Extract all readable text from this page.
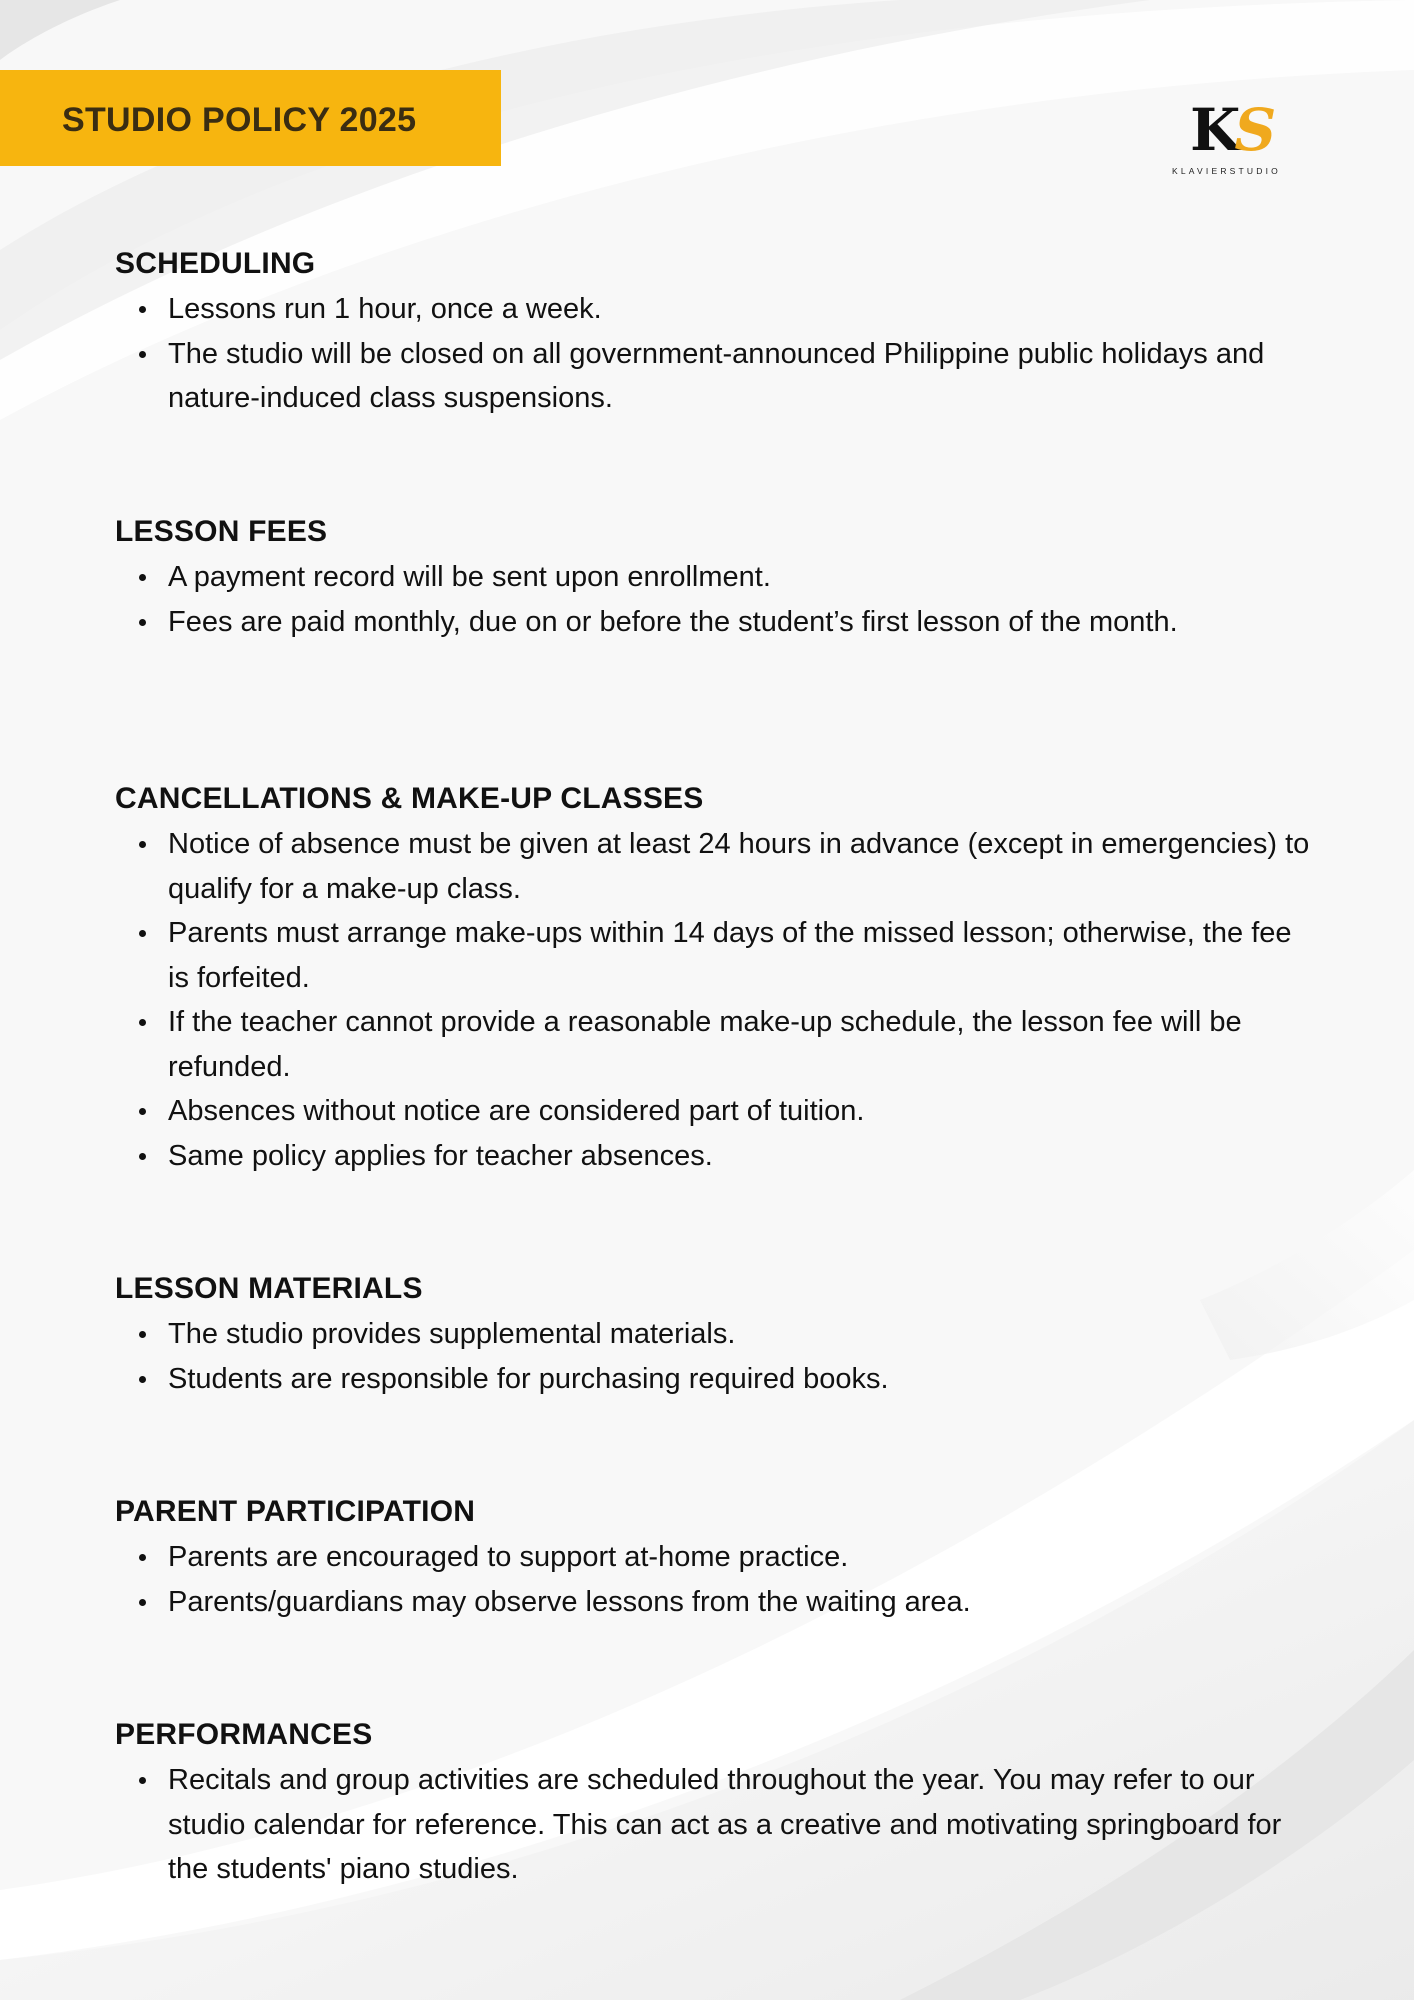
STUDIO POLICY 2025	KS
KLAVIERSTUDIO
SCHEDULING
Lessons run 1 hour, once a week.
The studio will be closed on all government-announced Philippine public holidays and nature-induced class suspensions.
LESSON FEES
A payment record will be sent upon enrollment.
Fees are paid monthly, due on or before the student’s first lesson of the month.
CANCELLATIONS & MAKE-UP CLASSES
Notice of absence must be given at least 24 hours in advance (except in emergencies) to qualify for a make-up class.
Parents must arrange make-ups within 14 days of the missed lesson; otherwise, the fee is forfeited.
If the teacher cannot provide a reasonable make-up schedule, the lesson fee will be refunded.
Absences without notice are considered part of tuition.
Same policy applies for teacher absences.
LESSON MATERIALS
The studio provides supplemental materials.
Students are responsible for purchasing required books.
PARENT PARTICIPATION
Parents are encouraged to support at-home practice.
Parents/guardians may observe lessons from the waiting area.
PERFORMANCES
Recitals and group activities are scheduled throughout the year. You may refer to our studio calendar for reference. This can act as a creative and motivating springboard for the students' piano studies.
